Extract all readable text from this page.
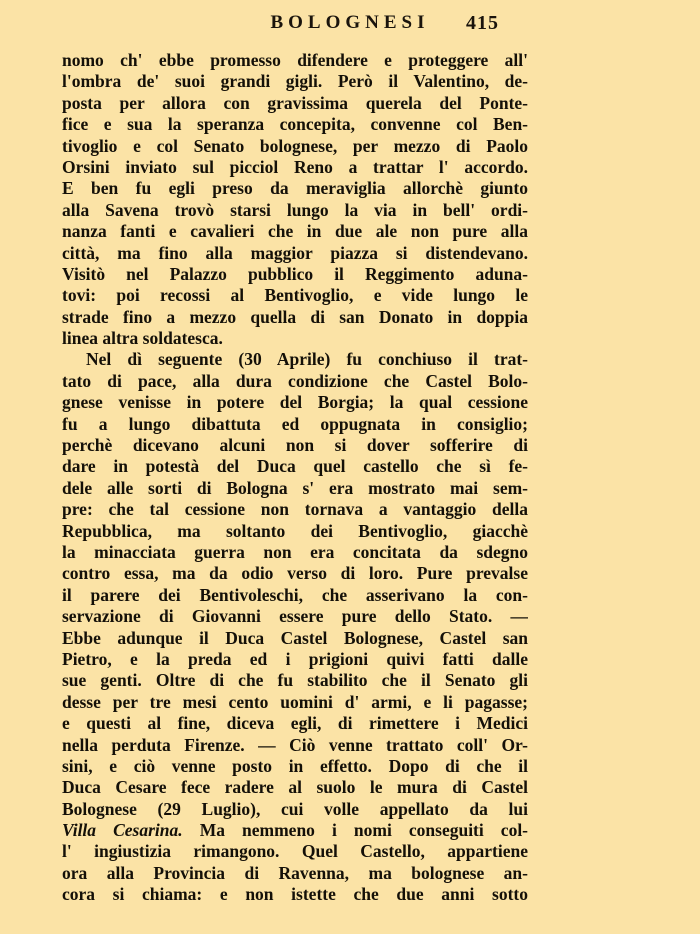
BOLOGNESI	415
nomo ch' ebbe promesso difendere e proteggere all'
l'ombra de' suoi grandi gigli. Però il Valentino, de-
posta per allora con gravissima querela del Ponte-
fice e sua la speranza concepita, convenne col Ben-
tivoglio e col Senato bolognese, per mezzo di Paolo
Orsini inviato sul picciol Reno a trattar l' accordo.
E ben fu egli preso da meraviglia allorchè giunto
alla Savena trovò starsi lungo la via in bell' ordi-
nanza fanti e cavalieri che in due ale non pure alla
città, ma fino alla maggior piazza si distendevano.
Visitò nel Palazzo pubblico il Reggimento aduna-
tovi: poi recossi al Bentivoglio, e vide lungo le
strade fino a mezzo quella di san Donato in doppia
linea altra soldatesca.
Nel dì seguente (30 Aprile) fu conchiuso il trat-
tato di pace, alla dura condizione che Castel Bolo-
gnese venisse in potere del Borgia; la qual cessione
fu a lungo dibattuta ed oppugnata in consiglio;
perchè dicevano alcuni non si dover sofferire di
dare in potestà del Duca quel castello che sì fe-
dele alle sorti di Bologna s' era mostrato mai sem-
pre: che tal cessione non tornava a vantaggio della
Repubblica, ma soltanto dei Bentivoglio, giacchè
la minacciata guerra non era concitata da sdegno
contro essa, ma da odio verso di loro. Pure prevalse
il parere dei Bentivoleschi, che asserivano la con-
servazione di Giovanni essere pure dello Stato. —
Ebbe adunque il Duca Castel Bolognese, Castel san
Pietro, e la preda ed i prigioni quivi fatti dalle
sue genti. Oltre di che fu stabilito che il Senato gli
desse per tre mesi cento uomini d' armi, e li pagasse;
e questi al fine, diceva egli, di rimettere i Medici
nella perduta Firenze. — Ciò venne trattato coll' Or-
sini, e ciò venne posto in effetto. Dopo di che il
Duca Cesare fece radere al suolo le mura di Castel
Bolognese (29 Luglio), cui volle appellato da lui
Villa Cesarina. Ma nemmeno i nomi conseguiti col-
l' ingiustizia rimangono. Quel Castello, appartiene
ora alla Provincia di Ravenna, ma bolognese an-
cora si chiama: e non istette che due anni sotto
